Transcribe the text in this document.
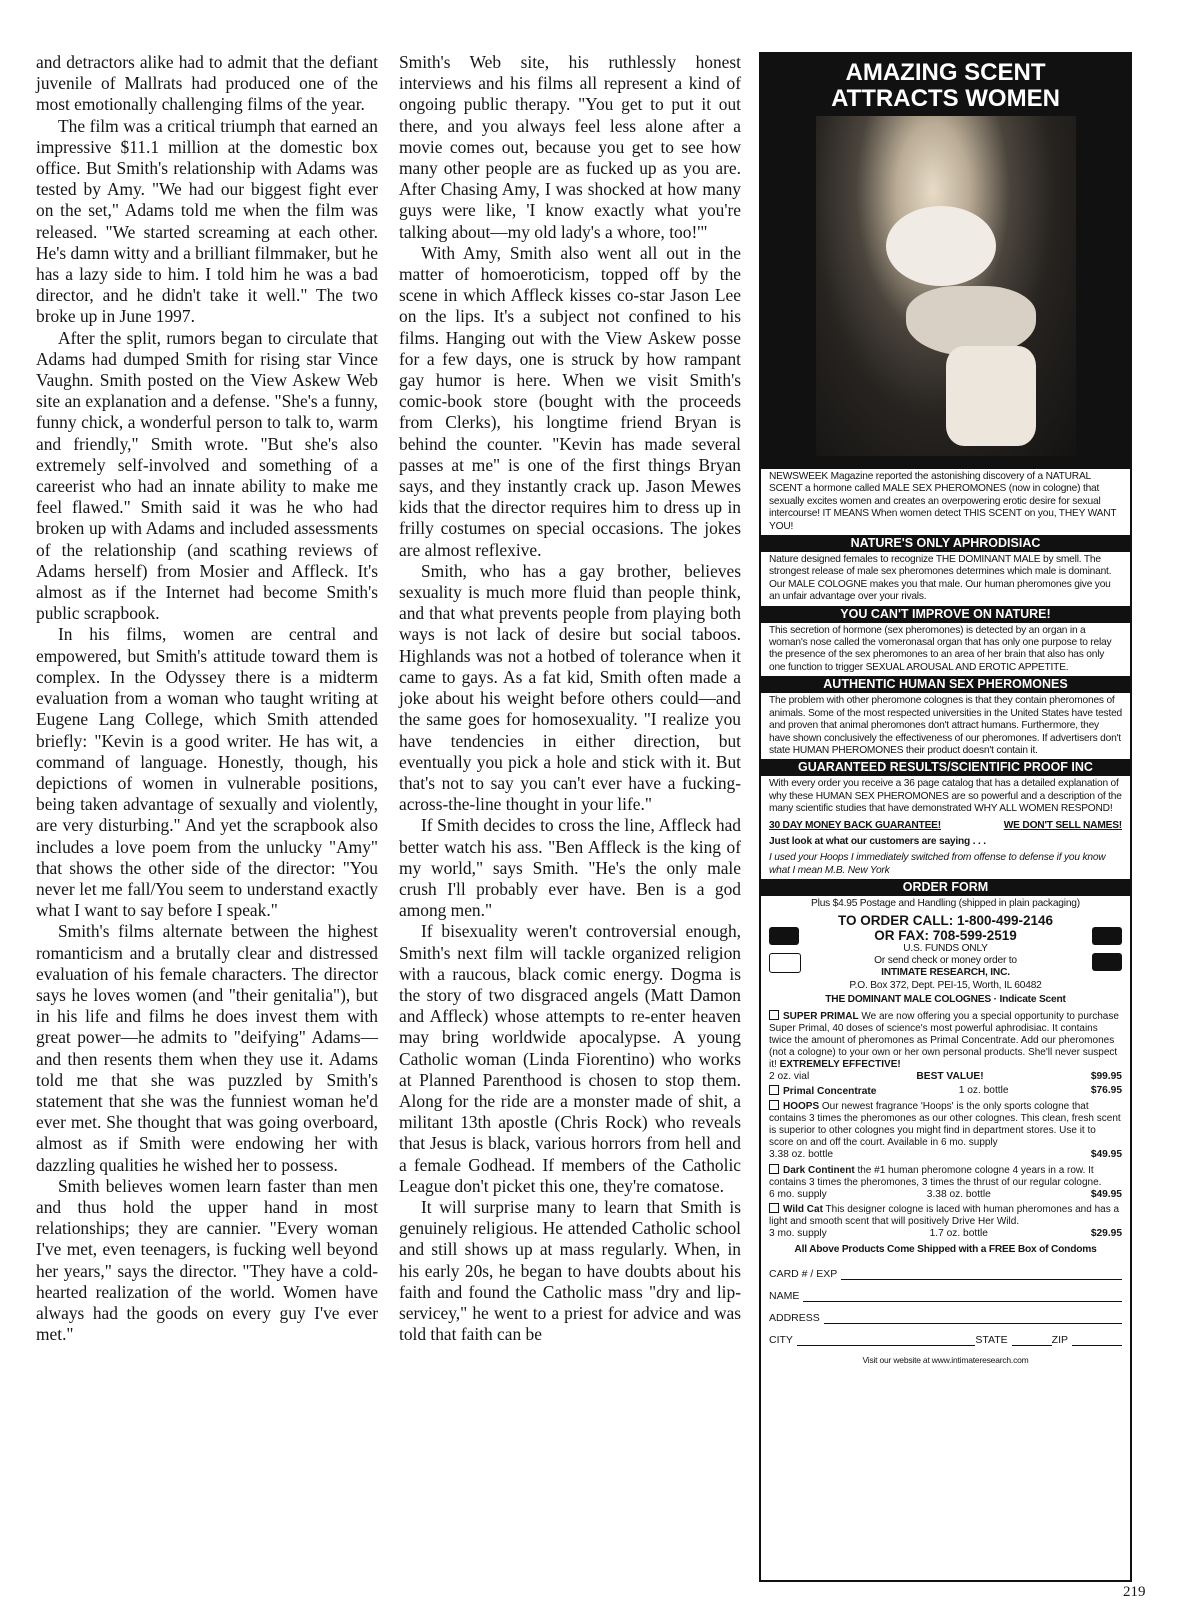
and detractors alike had to admit that the defiant juvenile of Mallrats had produced one of the most emotionally challenging films of the year.

The film was a critical triumph that earned an impressive $11.1 million at the domestic box office. But Smith's relationship with Adams was tested by Amy. "We had our biggest fight ever on the set," Adams told me when the film was released. "We started screaming at each other. He's damn witty and a brilliant filmmaker, but he has a lazy side to him. I told him he was a bad director, and he didn't take it well." The two broke up in June 1997.

After the split, rumors began to circulate that Adams had dumped Smith for rising star Vince Vaughn. Smith posted on the View Askew Web site an explanation and a defense. "She's a funny, funny chick, a wonderful person to talk to, warm and friendly," Smith wrote. "But she's also extremely self-involved and something of a careerist who had an innate ability to make me feel flawed." Smith said it was he who had broken up with Adams and included assessments of the relationship (and scathing reviews of Adams herself) from Mosier and Affleck. It's almost as if the Internet had become Smith's public scrapbook.

In his films, women are central and empowered, but Smith's attitude toward them is complex. In the Odyssey there is a midterm evaluation from a woman who taught writing at Eugene Lang College, which Smith attended briefly: "Kevin is a good writer. He has wit, a command of language. Honestly, though, his depictions of women in vulnerable positions, being taken advantage of sexually and violently, are very disturbing." And yet the scrapbook also includes a love poem from the unlucky "Amy" that shows the other side of the director: "You never let me fall/You seem to understand exactly what I want to say before I speak."

Smith's films alternate between the highest romanticism and a brutally clear and distressed evaluation of his female characters. The director says he loves women (and "their genitalia"), but in his life and films he does invest them with great power—he admits to "deifying" Adams—and then resents them when they use it. Adams told me that she was puzzled by Smith's statement that she was the funniest woman he'd ever met. She thought that was going overboard, almost as if Smith were endowing her with dazzling qualities he wished her to possess.

Smith believes women learn faster than men and thus hold the upper hand in most relationships; they are cannier. "Every woman I've met, even teenagers, is fucking well beyond her years," says the director. "They have a cold-hearted realization of the world. Women have always had the goods on every guy I've ever met."

Smith's Web site, his ruthlessly honest interviews and his films all represent a kind of ongoing public therapy. "You get to put it out there, and you always feel less alone after a movie comes out, because you get to see how many other people are as fucked up as you are. After Chasing Amy, I was shocked at how many guys were like, 'I know exactly what you're talking about—my old lady's a whore, too!'"

With Amy, Smith also went all out in the matter of homoeroticism, topped off by the scene in which Affleck kisses co-star Jason Lee on the lips. It's a subject not confined to his films. Hanging out with the View Askew posse for a few days, one is struck by how rampant gay humor is here. When we visit Smith's comic-book store (bought with the proceeds from Clerks), his longtime friend Bryan is behind the counter. "Kevin has made several passes at me" is one of the first things Bryan says, and they instantly crack up. Jason Mewes kids that the director requires him to dress up in frilly costumes on special occasions. The jokes are almost reflexive.

Smith, who has a gay brother, believes sexuality is much more fluid than people think, and that what prevents people from playing both ways is not lack of desire but social taboos. Highlands was not a hotbed of tolerance when it came to gays. As a fat kid, Smith often made a joke about his weight before others could—and the same goes for homosexuality. "I realize you have tendencies in either direction, but eventually you pick a hole and stick with it. But that's not to say you can't ever have a fucking-across-the-line thought in your life."

If Smith decides to cross the line, Affleck had better watch his ass. "Ben Affleck is the king of my world," says Smith. "He's the only male crush I'll probably ever have. Ben is a god among men."

If bisexuality weren't controversial enough, Smith's next film will tackle organized religion with a raucous, black comic energy. Dogma is the story of two disgraced angels (Matt Damon and Affleck) whose attempts to re-enter heaven may bring worldwide apocalypse. A young Catholic woman (Linda Fiorentino) who works at Planned Parenthood is chosen to stop them. Along for the ride are a monster made of shit, a militant 13th apostle (Chris Rock) who reveals that Jesus is black, various horrors from hell and a female Godhead. If members of the Catholic League don't picket this one, they're comatose.

It will surprise many to learn that Smith is genuinely religious. He attended Catholic school and still shows up at mass regularly. When, in his early 20s, he began to have doubts about his faith and found the Catholic mass "dry and lip-servicey," he went to a priest for advice and was told that faith can be

AMAZING SCENT
ATTRACTS WOMEN
NEWSWEEK Magazine reported the astonishing discovery of a NATURAL SCENT a hormone called MALE SEX PHEROMONES (now in cologne) that sexually excites women and creates an overpowering erotic desire for sexual intercourse! IT MEANS When women detect THIS SCENT on you, THEY WANT YOU!
NATURE'S ONLY APHRODISIAC
Nature designed females to recognize THE DOMINANT MALE by smell. The strongest release of male sex pheromones determines which male is dominant. Our MALE COLOGNE makes you that male. Our human pheromones give you an unfair advantage over your rivals.
YOU CAN'T IMPROVE ON NATURE!
This secretion of hormone (sex pheromones) is detected by an organ in a woman's nose called the vomeronasal organ that has only one purpose to relay the presence of the sex pheromones to an area of her brain that also has only one function to trigger SEXUAL AROUSAL AND EROTIC APPETITE.
AUTHENTIC HUMAN SEX PHEROMONES
The problem with other pheromone colognes is that they contain pheromones of animals. Some of the most respected universities in the United States have tested and proven that animal pheromones don't attract humans. Furthermore, they have shown conclusively the effectiveness of our pheromones. If advertisers don't state HUMAN PHEROMONES their product doesn't contain it.
GUARANTEED RESULTS/SCIENTIFIC PROOF INC
With every order you receive a 36 page catalog that has a detailed explanation of why these HUMAN SEX PHEROMONES are so powerful and a description of the many scientific studies that have demonstrated WHY ALL WOMEN RESPOND!
30 DAY MONEY BACK GUARANTEE!	WE DON'T SELL NAMES!
Just look at what our customers are saying . . .
I used your Hoops I immediately switched from offense to defense if you know what I mean M.B. New York
ORDER FORM
Plus $4.95 Postage and Handling (shipped in plain packaging)
TO ORDER CALL: 1-800-499-2146
OR FAX: 708-599-2519
U.S. FUNDS ONLY
Or send check or money order to
INTIMATE RESEARCH, INC.
P.O. Box 372, Dept. PEI-15, Worth, IL 60482
THE DOMINANT MALE COLOGNES · Indicate Scent
SUPER PRIMAL We are now offering you a special opportunity to purchase Super Primal, 40 doses of science's most powerful aphrodisiac. It contains twice the amount of pheromones as Primal Concentrate. Add our pheromones (not a cologne) to your own or her own personal products. She'll never suspect it! EXTREMELY EFFECTIVE!
2 oz. vial	BEST VALUE!	$99.95
Primal Concentrate	1 oz. bottle	$76.95
HOOPS Our newest fragrance 'Hoops' is the only sports cologne that contains 3 times the pheromones as our other colognes. This clean, fresh scent is superior to other colognes you might find in department stores. Use it to score on and off the court. Available in 6 mo. supply
3.38 oz. bottle	$49.95
Dark Continent the #1 human pheromone cologne 4 years in a row. It contains 3 times the pheromones, 3 times the thrust of our regular cologne.
6 mo. supply	3.38 oz. bottle	$49.95
Wild Cat This designer cologne is laced with human pheromones and has a light and smooth scent that will positively Drive Her Wild.
3 mo. supply	1.7 oz. bottle	$29.95
All Above Products Come Shipped with a FREE Box of Condoms
CARD # / EXP
NAME
ADDRESS
CITY	STATE	ZIP
Visit our website at www.intimateresearch.com
219
